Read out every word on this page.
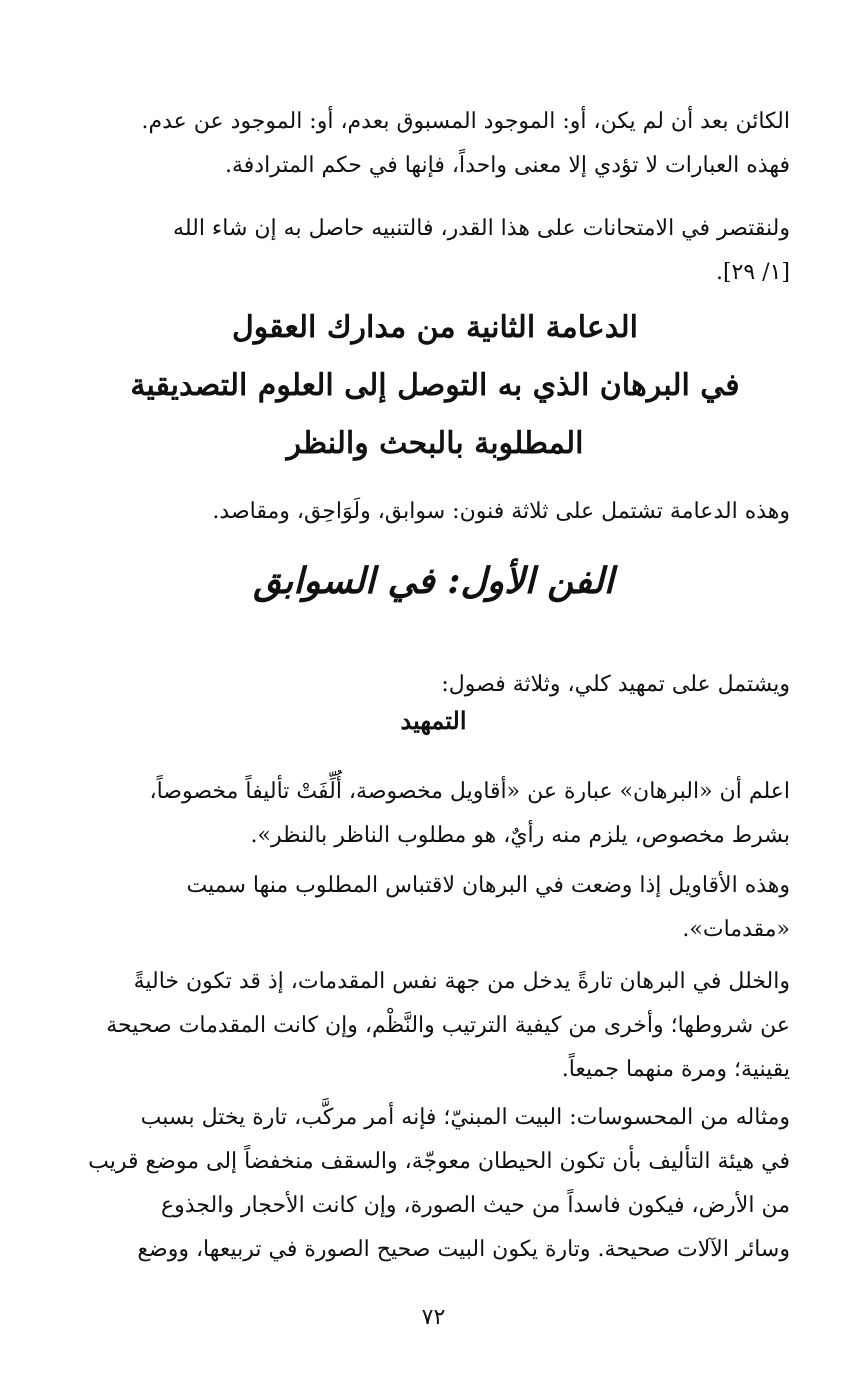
الكائن بعد أن لم يكن، أو: الموجود المسبوق بعدم، أو: الموجود عن عدم.
فهذه العبارات لا تؤدي إلا معنى واحداً، فإنها في حكم المترادفة.
ولنقتصر في الامتحانات على هذا القدر، فالتنبيه حاصل به إن شاء الله
[١/ ٢٩].
الدعامة الثانية من مدارك العقول
في البرهان الذي به التوصل إلى العلوم التصديقية
المطلوبة بالبحث والنظر
وهذه الدعامة تشتمل على ثلاثة فنون: سوابق، ولَوَاحِق، ومقاصد.
الفن الأول: في السوابق
ويشتمل على تمهيد كلي، وثلاثة فصول:
التمهيد
اعلم أن «البرهان» عبارة عن «أقاويل مخصوصة، أُلِّفَتْ تأليفاً مخصوصاً،
بشرط مخصوص، يلزم منه رأيٌ، هو مطلوب الناظر بالنظر».
وهذه الأقاويل إذا وضعت في البرهان لاقتباس المطلوب منها سميت
«مقدمات».
والخلل في البرهان تارةً يدخل من جهة نفس المقدمات، إذ قد تكون خاليةً
عن شروطها؛ وأخرى من كيفية الترتيب والنَّظْم، وإن كانت المقدمات صحيحة
يقينية؛ ومرة منهما جميعاً.
ومثاله من المحسوسات: البيت المبنيّ؛ فإنه أمر مركَّب، تارة يختل بسبب
في هيئة التأليف بأن تكون الحيطان معوجّة، والسقف منخفضاً إلى موضع قريب
من الأرض، فيكون فاسداً من حيث الصورة، وإن كانت الأحجار والجذوع
وسائر الآلات صحيحة. وتارة يكون البيت صحيح الصورة في تربيعها، ووضع
٧٢
